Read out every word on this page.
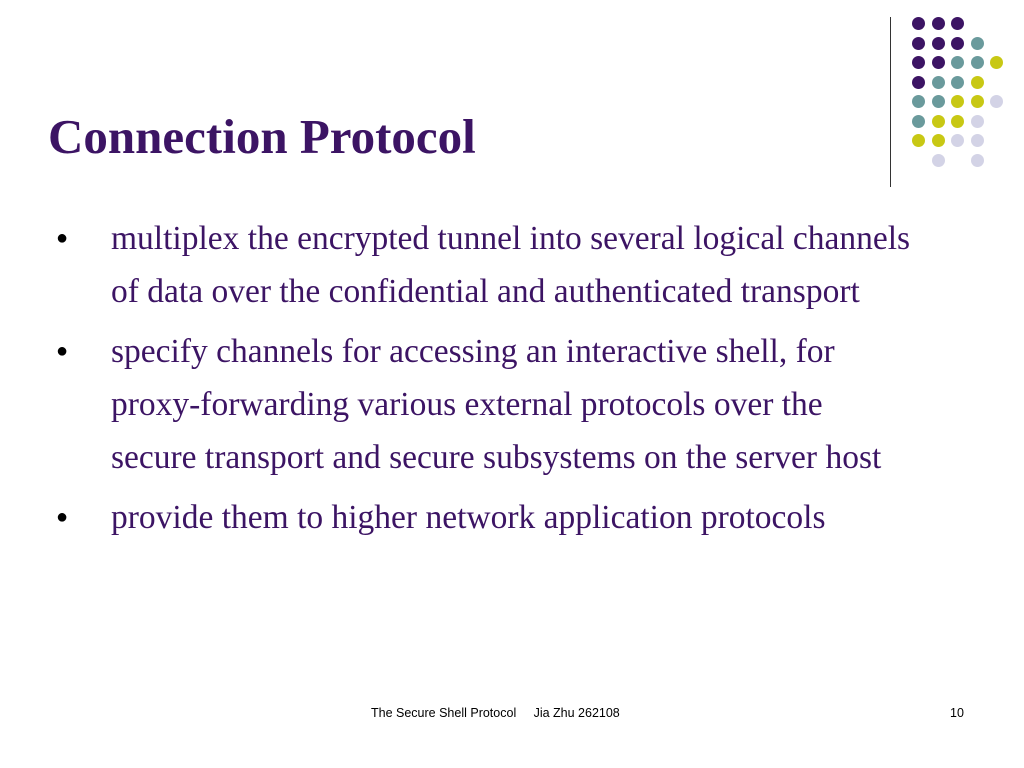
Connection Protocol
● multiplex the encrypted tunnel into several logical channels of data over the confidential and authenticated transport
● specify channels for accessing an interactive shell, for proxy-forwarding various external protocols over the secure transport and secure subsystems on the server host
● provide them to higher network application protocols
The Secure Shell Protocol     Jia Zhu 262108	10
